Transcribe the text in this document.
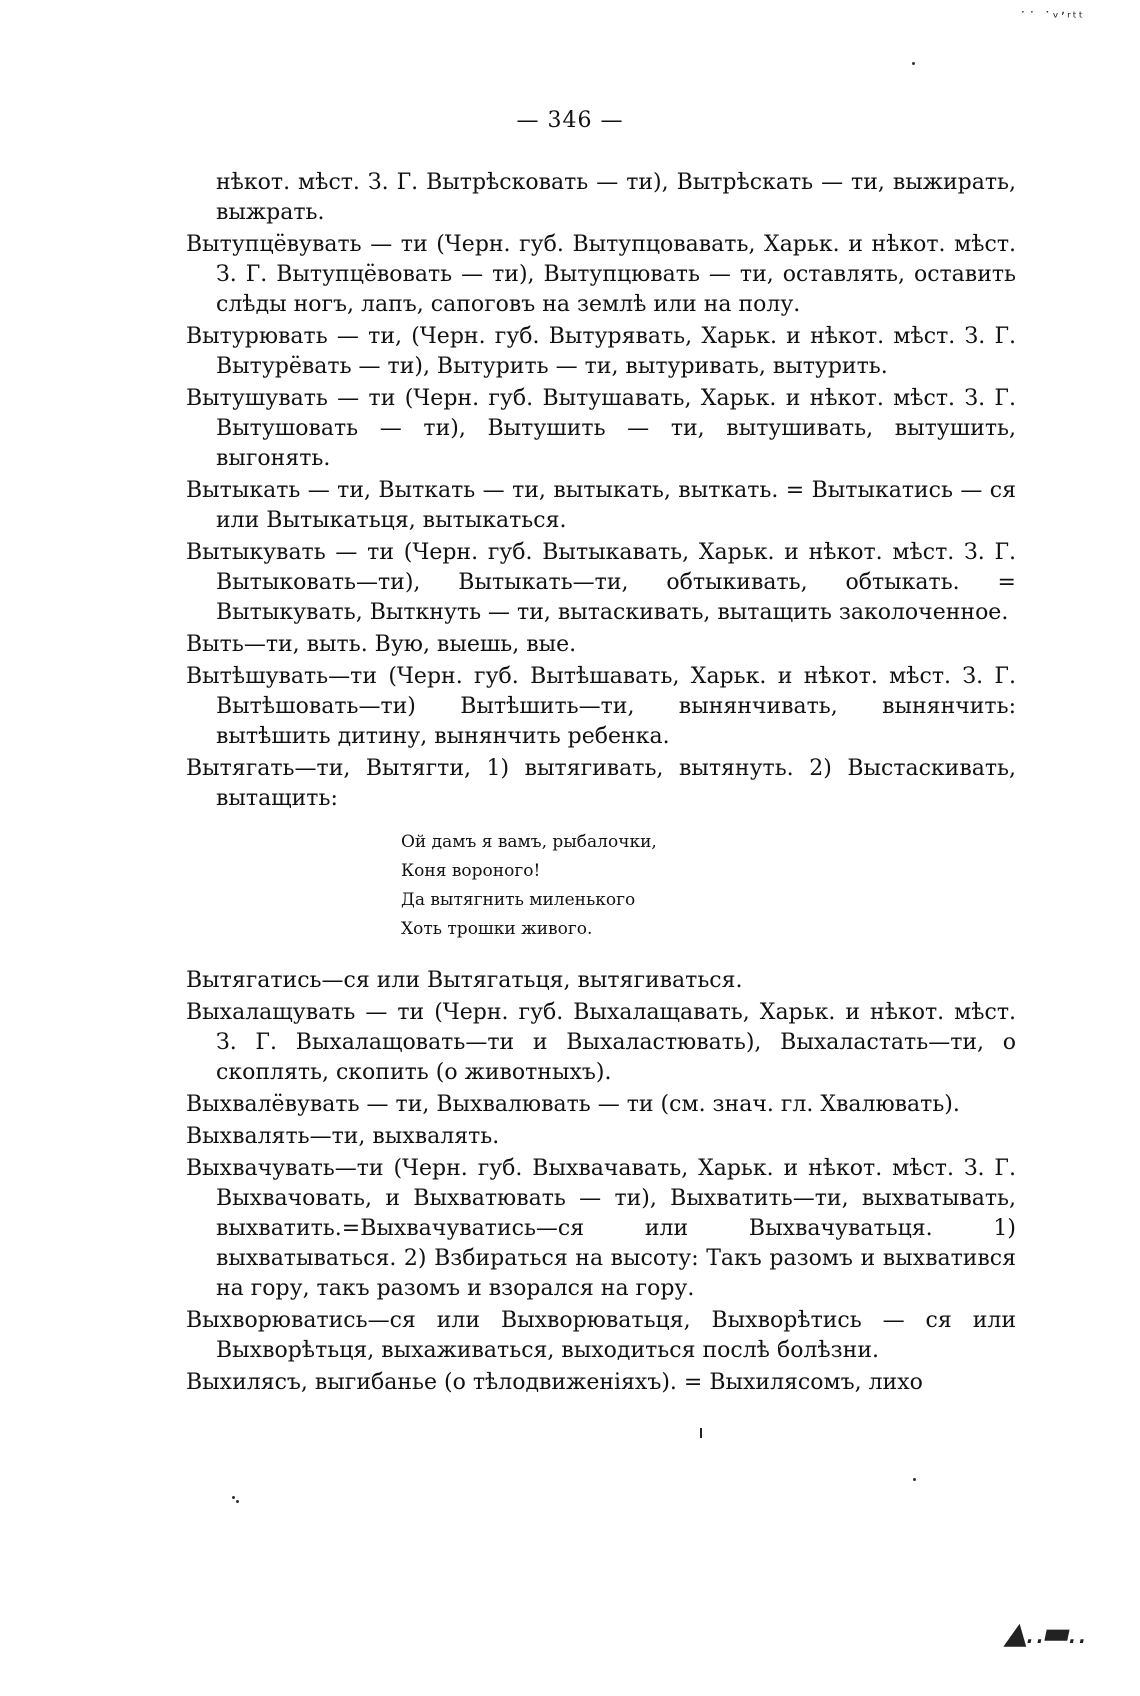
˙˙ ˙ᵛʼʳᵗᵗ
▲‥▬‥
— 346 —

нѣкот. мѣст. З. Г. Вытрѣсковать — ти), Вытрѣскать — ти, выжирать, выжрать.

Вытупцёвувать — ти (Черн. губ. Вытупцовавать, Харьк. и нѣкот. мѣст. З. Г. Вытупцёвовать — ти), Вытупцювать — ти, оставлять, оставить слѣды ногъ, лапъ, сапоговъ на землѣ или на полу.

Вытурювать — ти, (Черн. губ. Вытурявать, Харьк. и нѣкот. мѣст. З. Г. Вытурёвать — ти), Вытурить — ти, вытуривать, вытурить.

Вытушувать — ти (Черн. губ. Вытушавать, Харьк. и нѣкот. мѣст. З. Г. Вытушовать — ти), Вытушить — ти, вытушивать, вытушить, выгонять.

Вытыкать — ти, Выткать — ти, вытыкать, выткать. = Вытыкатись — ся или Вытыкатьця, вытыкаться.

Вытыкувать — ти (Черн. губ. Вытыкавать, Харьк. и нѣкот. мѣст. З. Г. Вытыковать—ти), Вытыкать—ти, обтыкивать, обтыкать. = Вытыкувать, Выткнуть — ти, вытаскивать, вытащить заколоченное.

Выть—ти, выть. Вую, выешь, вые.

Вытѣшувать—ти (Черн. губ. Вытѣшавать, Харьк. и нѣкот. мѣст. З. Г. Вытѣшовать—ти) Вытѣшить—ти, вынянчивать, вынянчить: вытѣшить дитину, вынянчить ребенка.

Вытягать—ти, Вытягти, 1) вытягивать, вытянуть. 2) Выстаскивать, вытащить:

Ой дамъ я вамъ, рыбалочки,
Коня вороного!
Да вытягнить миленького
Хоть трошки живого.

Вытягатись—ся или Вытягатьця, вытягиваться.

Выхалащувать — ти (Черн. губ. Выхалащавать, Харьк. и нѣкот. мѣст. З. Г. Выхалащовать—ти и Выхаластювать), Выхаластать—ти, о скоплять, скопить (о животныхъ).

Выхвалёвувать — ти, Выхвалювать — ти (см. знач. гл. Хвалювать).

Выхвалять—ти, выхвалять.

Выхвачувать—ти (Черн. губ. Выхвачавать, Харьк. и нѣкот. мѣст. З. Г. Выхвачовать, и Выхватювать — ти), Выхватить—ти, выхватывать, выхватить.=Выхвачуватись—ся или Выхвачуватьця. 1) выхватываться. 2) Взбираться на высоту: Такъ разомъ и выхватився на гору, такъ разомъ и взорался на гору.

Выхворюватись—ся или Выхворюватьця, Выхворѣтись — ся или Выхворѣтьця, выхаживаться, выходиться послѣ болѣзни.

Выхилясъ, выгибанье (о тѣлодвиженіяхъ). = Выхилясомъ, лихо
